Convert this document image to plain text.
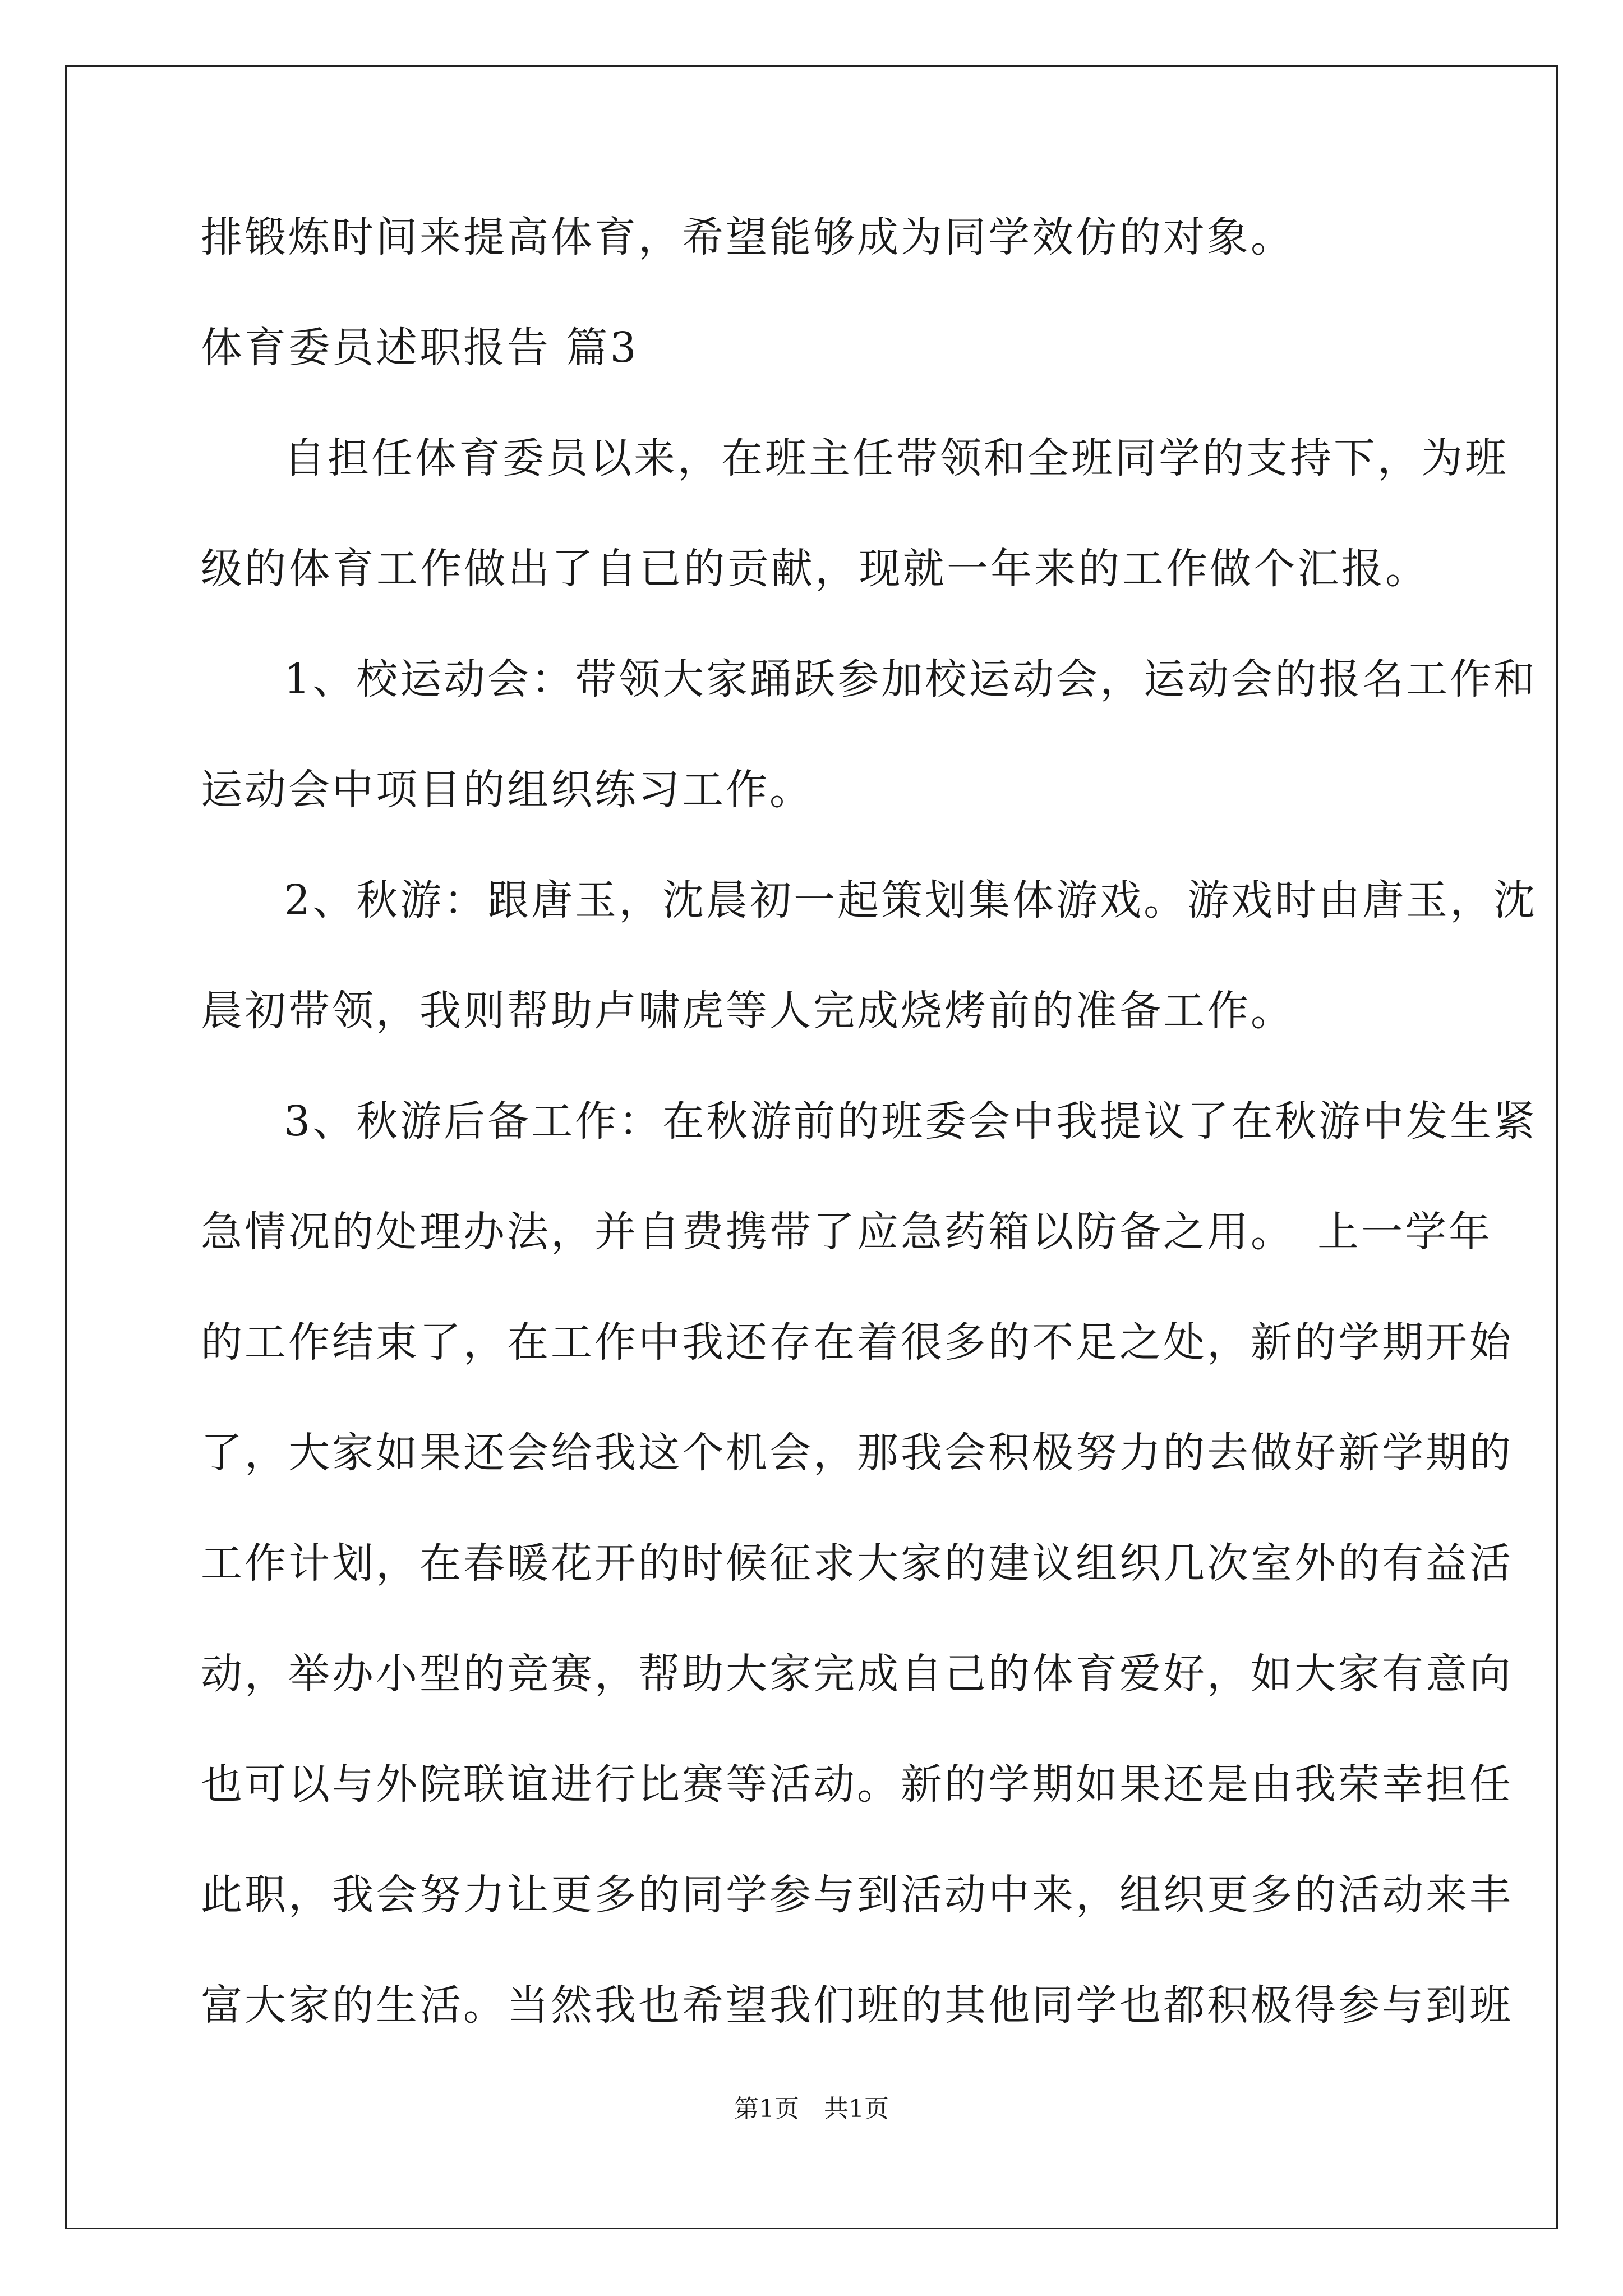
排锻炼时间来提高体育，希望能够成为同学效仿的对象。
体育委员述职报告 篇3
自担任体育委员以来，在班主任带领和全班同学的支持下，为班
级的体育工作做出了自已的贡献，现就一年来的工作做个汇报。
1、校运动会：带领大家踊跃参加校运动会，运动会的报名工作和
运动会中项目的组织练习工作。
2、秋游：跟唐玉，沈晨初一起策划集体游戏。游戏时由唐玉，沈
晨初带领，我则帮助卢啸虎等人完成烧烤前的准备工作。
3、秋游后备工作：在秋游前的班委会中我提议了在秋游中发生紧
急情况的处理办法，并自费携带了应急药箱以防备之用。　上一学年
的工作结束了，在工作中我还存在着很多的不足之处，新的学期开始
了，大家如果还会给我这个机会，那我会积极努力的去做好新学期的
工作计划，在春暖花开的时候征求大家的建议组织几次室外的有益活
动，举办小型的竞赛，帮助大家完成自己的体育爱好，如大家有意向
也可以与外院联谊进行比赛等活动。新的学期如果还是由我荣幸担任
此职，我会努力让更多的同学参与到活动中来，组织更多的活动来丰
富大家的生活。当然我也希望我们班的其他同学也都积极得参与到班
第1页　共1页
